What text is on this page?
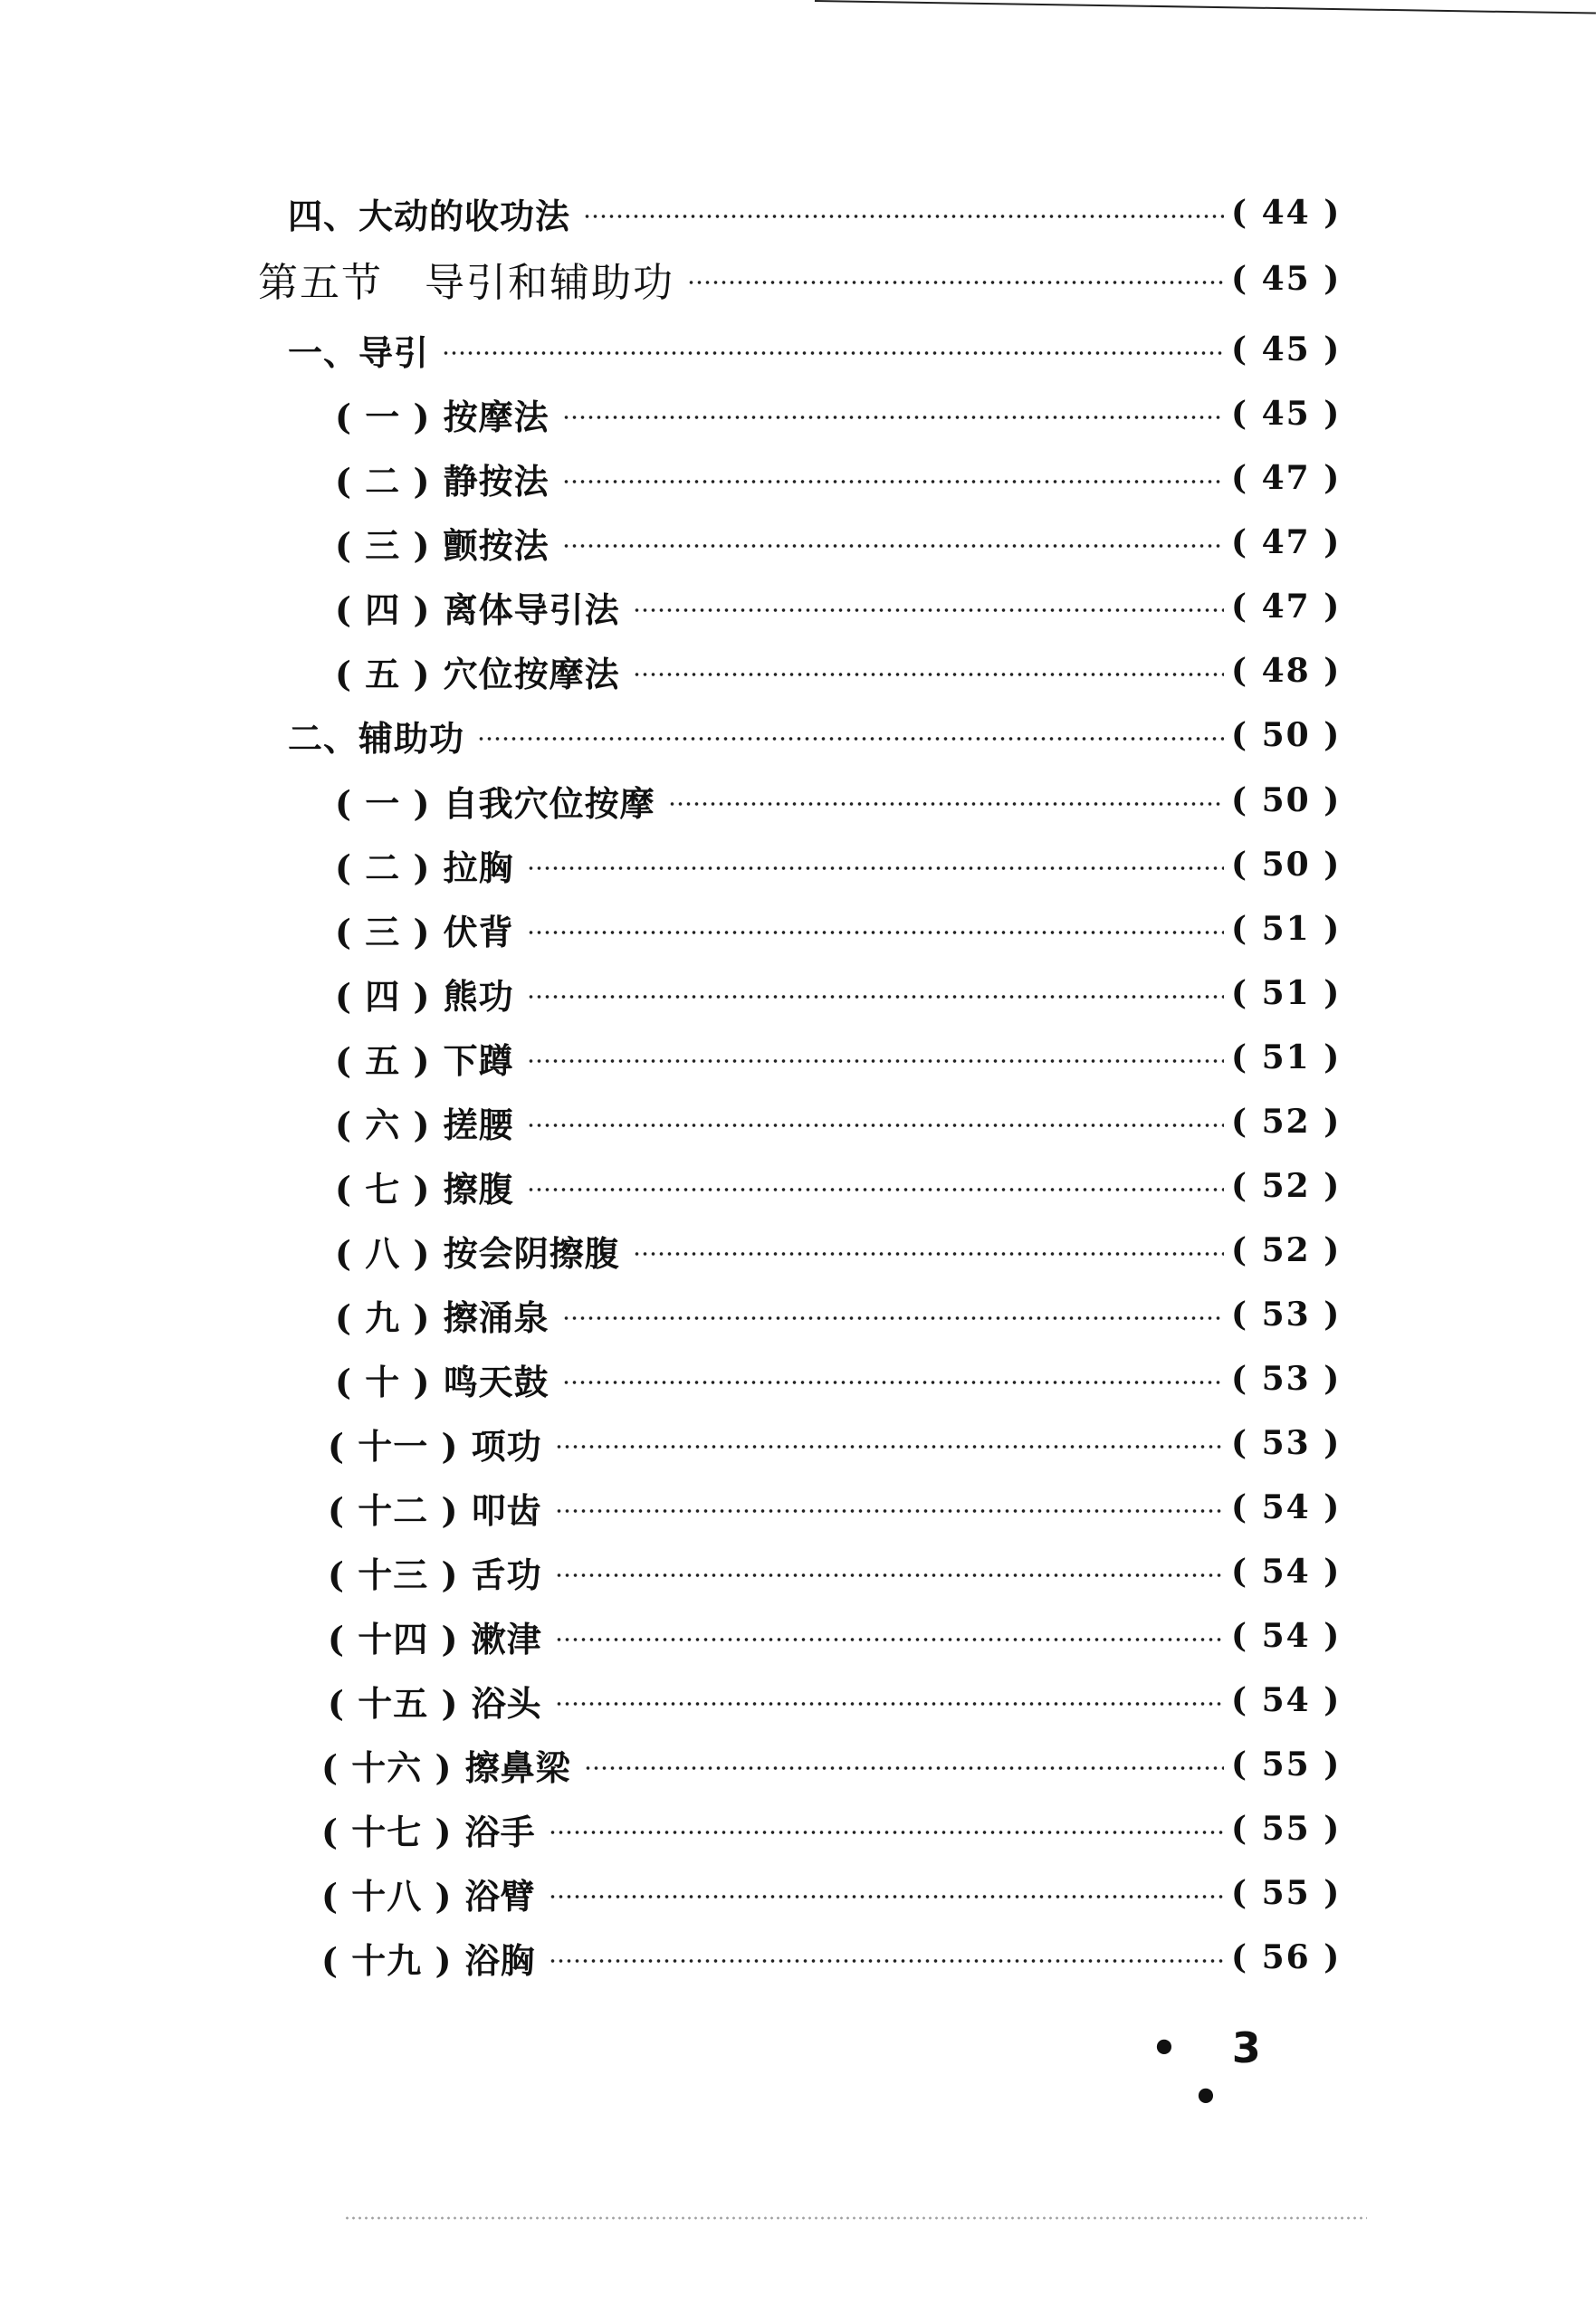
四、大动的收功法	( 44 )
第五节　导引和辅助功	( 45 )
一、导引	( 45 )
( 一 ) 按摩法	( 45 )
( 二 ) 静按法	( 47 )
( 三 ) 颤按法	( 47 )
( 四 ) 离体导引法	( 47 )
( 五 ) 穴位按摩法	( 48 )
二、辅助功	( 50 )
( 一 ) 自我穴位按摩	( 50 )
( 二 ) 拉胸	( 50 )
( 三 ) 伏背	( 51 )
( 四 ) 熊功	( 51 )
( 五 ) 下蹲	( 51 )
( 六 ) 搓腰	( 52 )
( 七 ) 擦腹	( 52 )
( 八 ) 按会阴擦腹	( 52 )
( 九 ) 擦涌泉	( 53 )
( 十 ) 鸣天鼓	( 53 )
( 十一 ) 项功	( 53 )
( 十二 ) 叩齿	( 54 )
( 十三 ) 舌功	( 54 )
( 十四 ) 漱津	( 54 )
( 十五 ) 浴头	( 54 )
( 十六 ) 擦鼻梁	( 55 )
( 十七 ) 浴手	( 55 )
( 十八 ) 浴臂	( 55 )
( 十九 ) 浴胸	( 56 )
• 3 •
